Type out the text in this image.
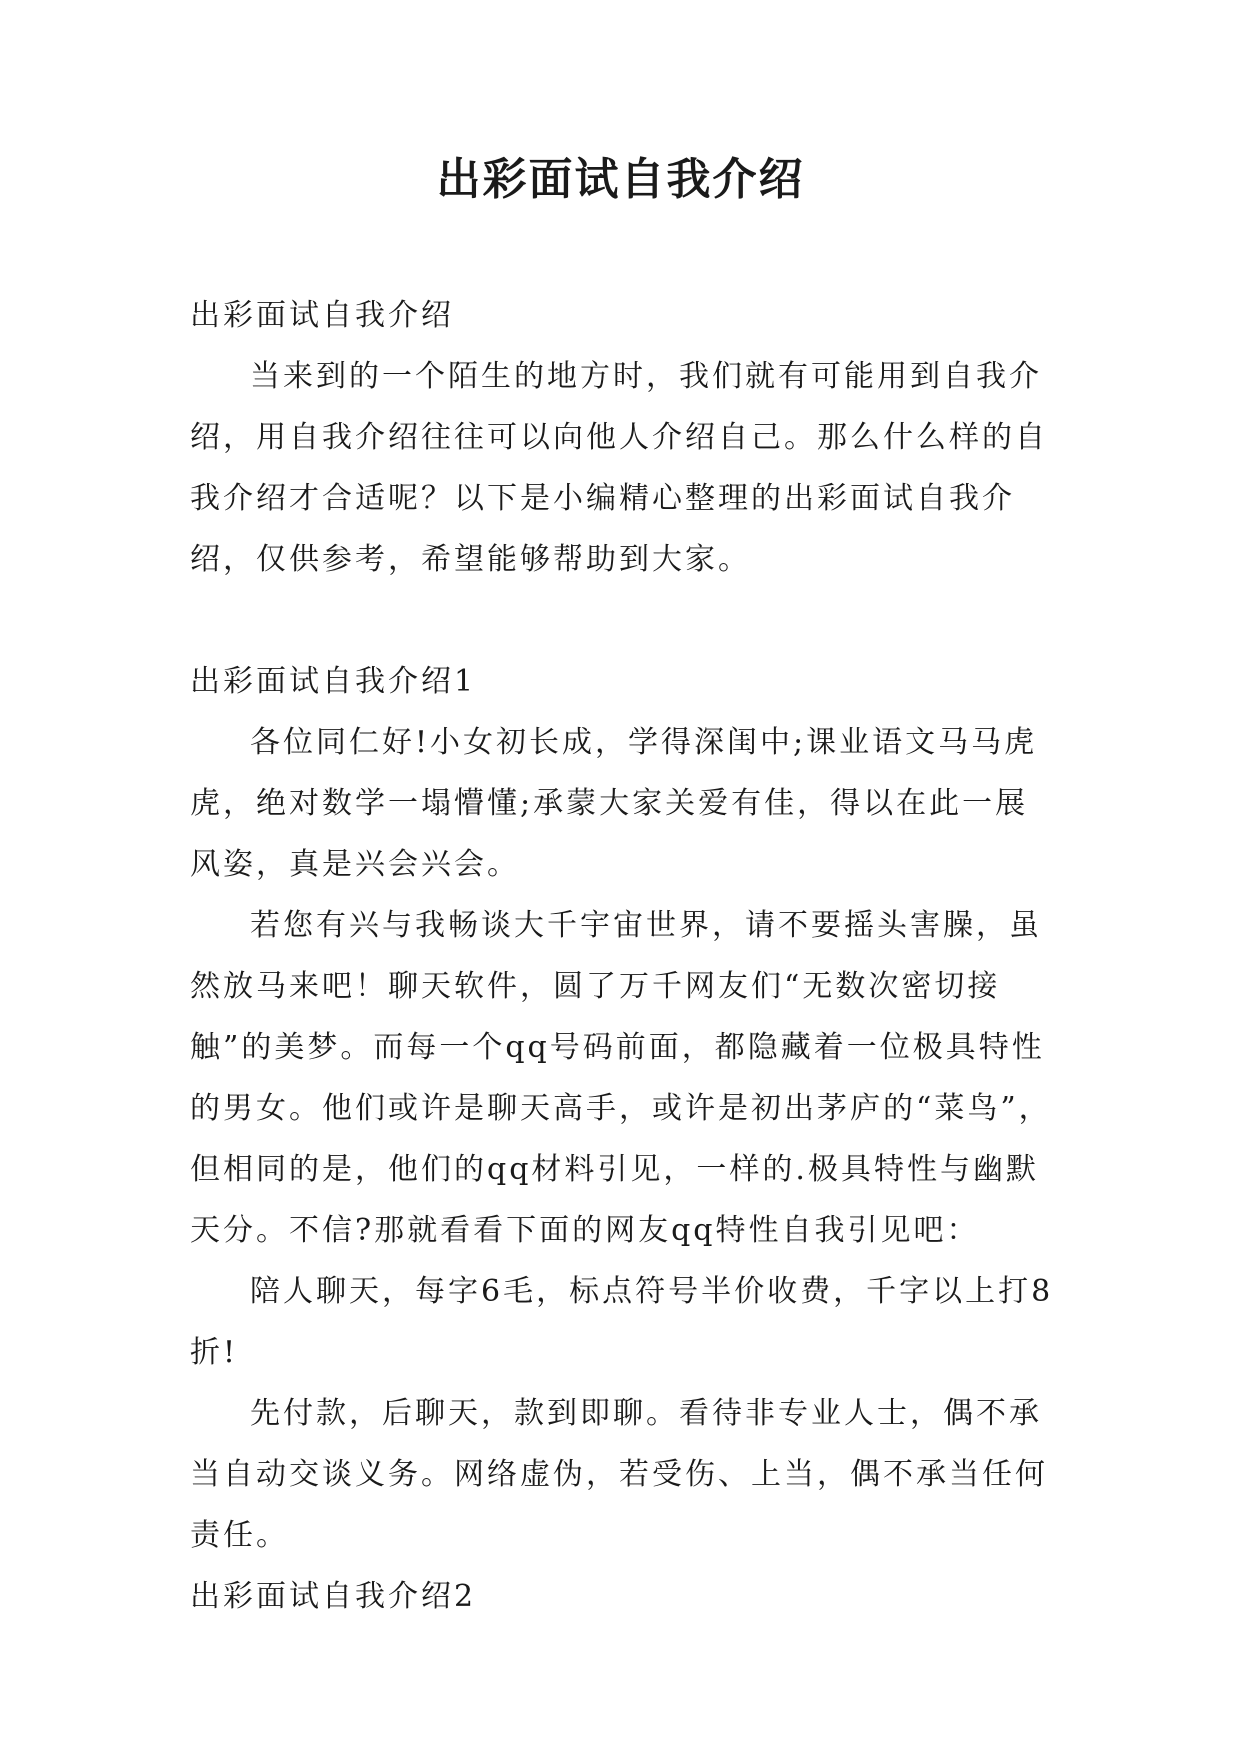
出彩面试自我介绍

出彩面试自我介绍

当来到的一个陌生的地方时，我们就有可能用到自我介绍，用自我介绍往往可以向他人介绍自己。那么什么样的自我介绍才合适呢？以下是小编精心整理的出彩面试自我介绍，仅供参考，希望能够帮助到大家。

出彩面试自我介绍1

各位同仁好!小女初长成，学得深闺中;课业语文马马虎虎，绝对数学一塌懵懂;承蒙大家关爱有佳，得以在此一展风姿，真是兴会兴会。

若您有兴与我畅谈大千宇宙世界，请不要摇头害臊，虽然放马来吧！聊天软件，圆了万千网友们“无数次密切接触”的美梦。而每一个qq号码前面，都隐藏着一位极具特性的男女。他们或许是聊天高手，或许是初出茅庐的“菜鸟”，但相同的是，他们的qq材料引见，一样的.极具特性与幽默天分。不信?那就看看下面的网友qq特性自我引见吧：

陪人聊天，每字6毛，标点符号半价收费，千字以上打8折!

先付款，后聊天，款到即聊。看待非专业人士，偶不承当自动交谈义务。网络虚伪，若受伤、上当，偶不承当任何责任。

出彩面试自我介绍2
